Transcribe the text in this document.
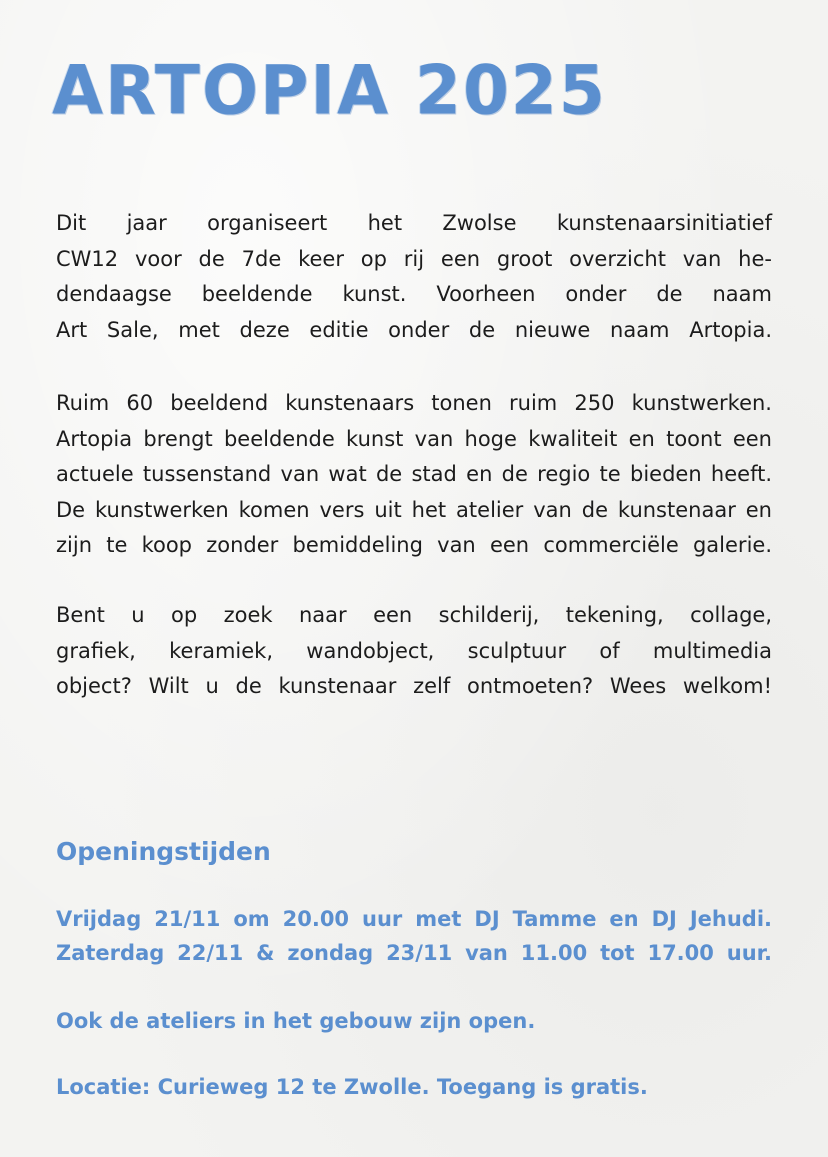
ARTOPIA 2025
Dit jaar organiseert het Zwolse kunstenaarsinitiatief
CW12 voor de 7de keer op rij een groot overzicht van he-
dendaagse beeldende kunst. Voorheen onder de naam
Art Sale, met deze editie onder de nieuwe naam Artopia.
Ruim 60 beeldend kunstenaars tonen ruim 250 kunstwerken.
Artopia brengt beeldende kunst van hoge kwaliteit en toont een
actuele tussenstand van wat de stad en de regio te bieden heeft.
De kunstwerken komen vers uit het atelier van de kunstenaar en
zijn te koop zonder bemiddeling van een commerciële galerie.
Bent u op zoek naar een schilderij, tekening, collage,
grafiek, keramiek, wandobject, sculptuur of multimedia
object? Wilt u de kunstenaar zelf ontmoeten? Wees welkom!
Openingstijden
Vrijdag 21/11 om 20.00 uur met DJ Tamme en DJ Jehudi.
Zaterdag 22/11 & zondag 23/11 van 11.00 tot 17.00 uur.

Ook de ateliers in het gebouw zijn open.

Locatie: Curieweg 12 te Zwolle. Toegang is gratis.
